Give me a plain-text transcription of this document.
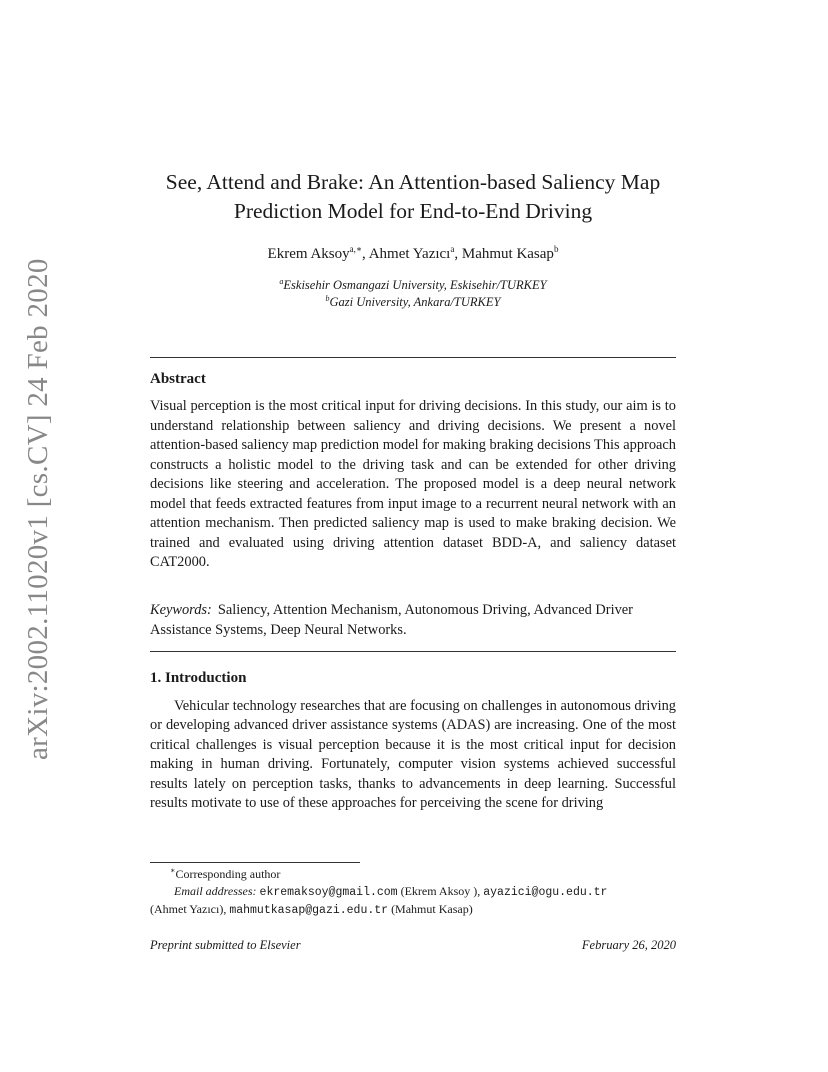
arXiv:2002.11020v1 [cs.CV] 24 Feb 2020
See, Attend and Brake: An Attention-based Saliency Map Prediction Model for End-to-End Driving
Ekrem Aksoy$^{a,∗}$, Ahmet Yazıcı$^a$, Mahmut Kasap$^b$
$^a$Eskisehir Osmangazi University, Eskisehir/TURKEY
$^b$Gazi University, Ankara/TURKEY
Abstract

Visual perception is the most critical input for driving decisions. In this study, our aim is to understand relationship between saliency and driving decisions. We present a novel attention-based saliency map prediction model for making braking decisions This approach constructs a holistic model to the driving task and can be extended for other driving decisions like steering and acceleration. The proposed model is a deep neural network model that feeds extracted features from input image to a recurrent neural network with an attention mechanism. Then predicted saliency map is used to make braking decision. We trained and evaluated using driving attention dataset BDD-A, and saliency dataset CAT2000.

Keywords: Saliency, Attention Mechanism, Autonomous Driving, Advanced Driver Assistance Systems, Deep Neural Networks.

1. Introduction

Vehicular technology researches that are focusing on challenges in autonomous driving or developing advanced driver assistance systems (ADAS) are increasing. One of the most critical challenges is visual perception because it is the most critical input for decision making in human driving. Fortunately, computer vision systems achieved successful results lately on perception tasks, thanks to advancements in deep learning. Successful results motivate to use of these approaches for perceiving the scene for driving

∗Corresponding author
Email addresses: ekremaksoy@gmail.com (Ekrem Aksoy ), ayazici@ogu.edu.tr
(Ahmet Yazıcı), mahmutkasap@gazi.edu.tr (Mahmut Kasap)
Preprint submitted to Elsevier	February 26, 2020
